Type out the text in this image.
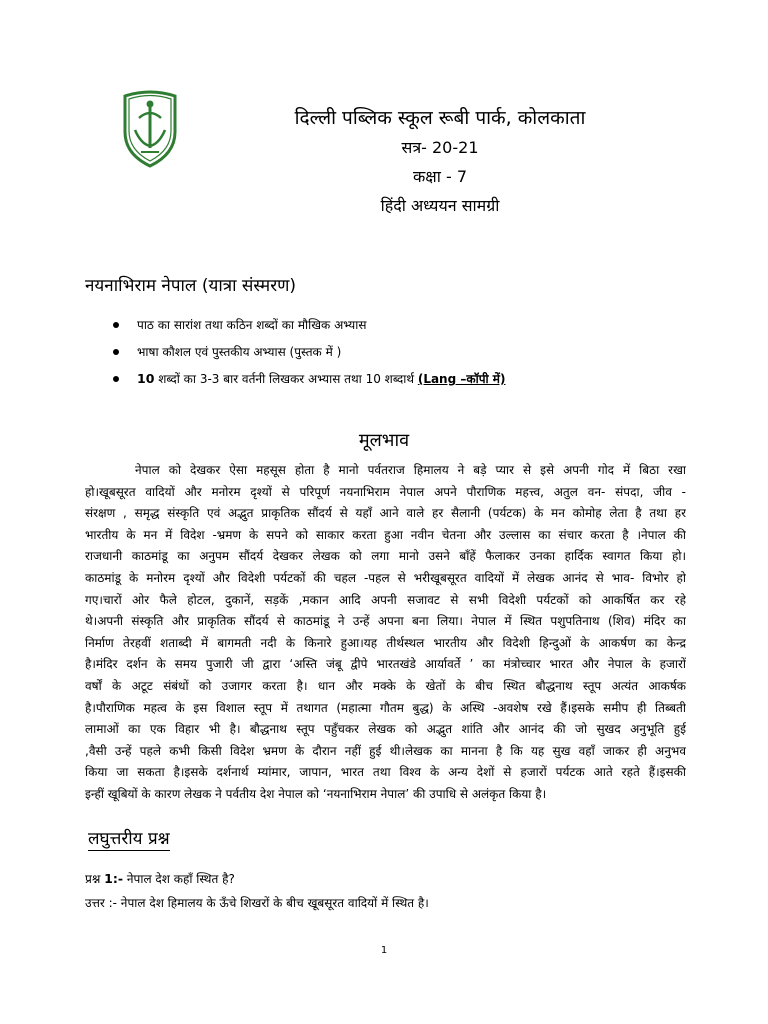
दिल्ली पब्लिक स्कूल रूबी पार्क, कोलकाता
सत्र- 20-21
कक्षा - 7
हिंदी अध्ययन सामग्री
नयनाभिराम नेपाल (यात्रा संस्मरण)
पाठ का सारांश तथा कठिन शब्दों का मौखिक अभ्यास
भाषा कौशल एवं पुस्तकीय अभ्यास (पुस्तक में )
10 शब्दों का 3-3 बार वर्तनी लिखकर अभ्यास तथा 10 शब्दार्थ (Lang –कॉपी में)
मूलभाव
नेपाल को देखकर ऐसा महसूस होता है मानो पर्वतराज हिमालय ने बड़े प्यार से इसे अपनी गोद में बिठा रखा
हो।खूबसूरत वादियों और मनोरम दृश्यों से परिपूर्ण नयनाभिराम नेपाल अपने पौराणिक महत्त्व, अतुल वन- संपदा, जीव -
संरक्षण , समृद्ध संस्कृति एवं अद्भुत प्राकृतिक सौंदर्य से यहाँ आने वाले हर सैलानी (पर्यटक) के मन कोमोह लेता है तथा हर
भारतीय के मन में विदेश -भ्रमण के सपने को साकार करता हुआ नवीन चेतना और उल्लास का संचार करता है ।नेपाल की
राजधानी काठमांडू का अनुपम सौंदर्य देखकर लेखक को लगा मानो उसने बाँहें फैलाकर उनका हार्दिक स्वागत किया हो।
काठमांडू के मनोरम दृश्यों और विदेशी पर्यटकों की चहल -पहल से भरीखूबसूरत वादियों में लेखक आनंद से भाव- विभोर हो
गए।चारों ओर फैले होटल, दुकानें, सड़कें ,मकान आदि अपनी सजावट से सभी विदेशी पर्यटकों को आकर्षित कर रहे
थे।अपनी संस्कृति और प्राकृतिक सौंदर्य से काठमांडू ने उन्हें अपना बना लिया। नेपाल में स्थित पशुपतिनाथ (शिव) मंदिर का
निर्माण तेरहवीं शताब्दी में बागमती नदी के किनारे हुआ।यह तीर्थस्थल भारतीय और विदेशी हिन्दुओं के आकर्षण का केन्द्र
है।मंदिर दर्शन के समय पुजारी जी द्वारा ‘अस्ति जंबू द्वीपे भारतखंडे आर्यावर्ते ’ का मंत्रोच्चार भारत और नेपाल के हजारों
वर्षों के अटूट संबंधों को उजागर करता है। धान और मक्के के खेतों के बीच स्थित बौद्धनाथ स्तूप अत्यंत आकर्षक
है।पौराणिक महत्व के इस विशाल स्तूप में तथागत (महात्मा गौतम बुद्ध) के अस्थि -अवशेष रखे हैं।इसके समीप ही तिब्बती
लामाओं का एक विहार भी है। बौद्धनाथ स्तूप पहुँचकर लेखक को अद्भुत शांति और आनंद की जो सुखद अनुभूति हुई
,वैसी उन्हें पहले कभी किसी विदेश भ्रमण के दौरान नहीं हुई थी।लेखक का मानना है कि यह सुख वहाँ जाकर ही अनुभव
किया जा सकता है।इसके दर्शनार्थ म्यांमार, जापान, भारत तथा विश्व के अन्य देशों से हजारों पर्यटक आते रहते हैं।इसकी
इन्हीं खूबियों के कारण लेखक ने पर्वतीय देश नेपाल को ‘नयनाभिराम नेपाल’ की उपाधि से अलंकृत किया है।
लघुत्तरीय प्रश्न
प्रश्न 1:- नेपाल देश कहाँ स्थित है?
उत्तर :- नेपाल देश हिमालय के ऊँचे शिखरों के बीच खूबसूरत वादियों में स्थित है।
1
